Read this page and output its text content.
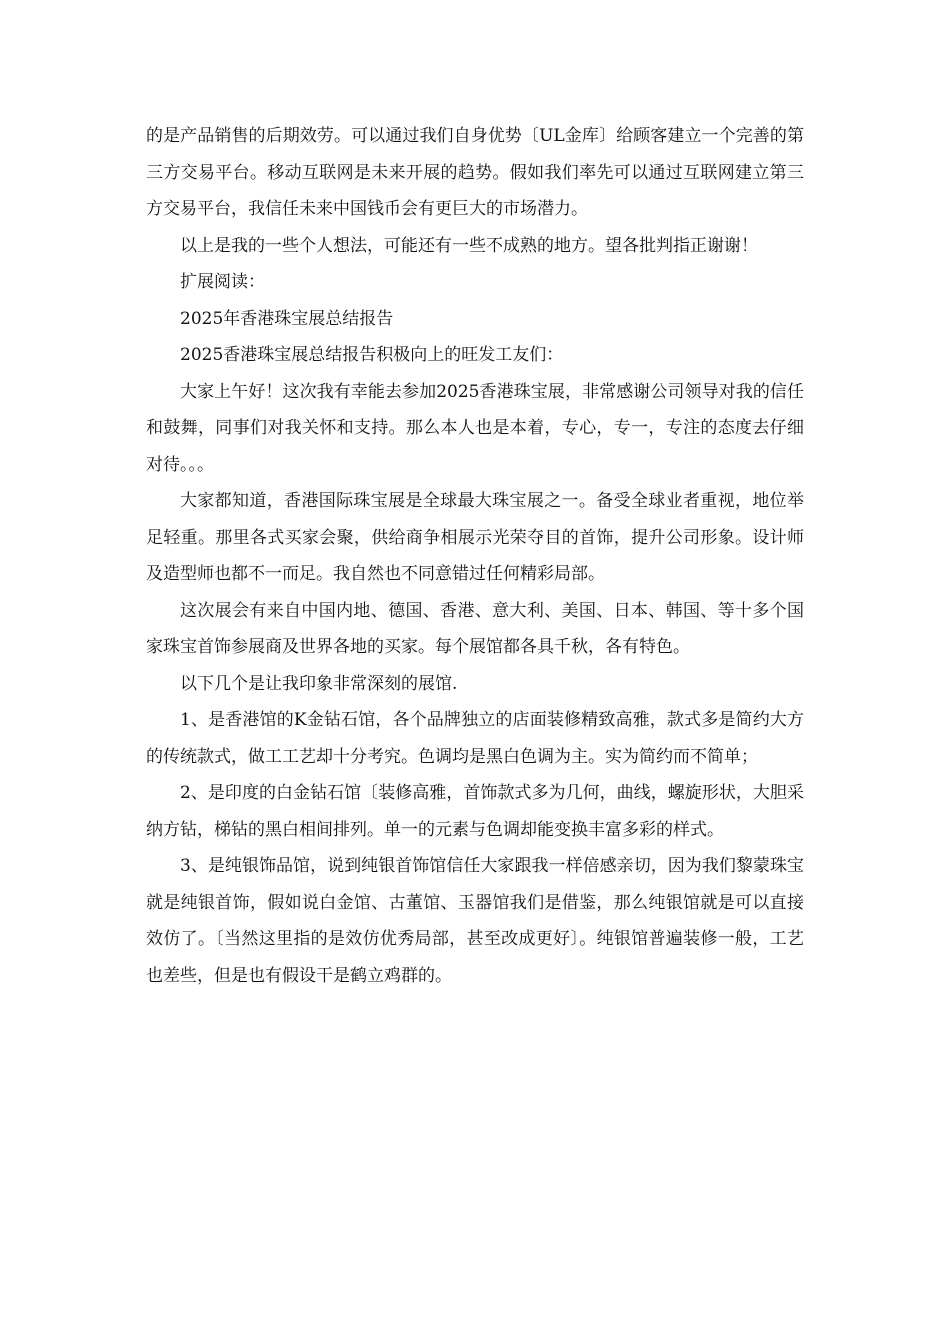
的是产品销售的后期效劳。可以通过我们自身优势〔UL金库〕给顾客建立一个完善的第三方交易平台。移动互联网是未来开展的趋势。假如我们率先可以通过互联网建立第三方交易平台，我信任未来中国钱币会有更巨大的市场潜力。

以上是我的一些个人想法，可能还有一些不成熟的地方。望各批判指正谢谢！

扩展阅读：

2025年香港珠宝展总结报告

2025香港珠宝展总结报告积极向上的旺发工友们：

大家上午好！这次我有幸能去参加2025香港珠宝展，非常感谢公司领导对我的信任和鼓舞，同事们对我关怀和支持。那么本人也是本着，专心，专一，专注的态度去仔细对待。。。

大家都知道，香港国际珠宝展是全球最大珠宝展之一。备受全球业者重视，地位举足轻重。那里各式买家会聚，供给商争相展示光荣夺目的首饰，提升公司形象。设计师及造型师也都不一而足。我自然也不同意错过任何精彩局部。

这次展会有来自中国内地、德国、香港、意大利、美国、日本、韩国、等十多个国家珠宝首饰参展商及世界各地的买家。每个展馆都各具千秋，各有特色。

以下几个是让我印象非常深刻的展馆.

1、是香港馆的K金钻石馆，各个品牌独立的店面装修精致高雅，款式多是简约大方的传统款式，做工工艺却十分考究。色调均是黑白色调为主。实为简约而不简单；

2、是印度的白金钻石馆〔装修高雅，首饰款式多为几何，曲线，螺旋形状，大胆采纳方钻，梯钻的黑白相间排列。单一的元素与色调却能变换丰富多彩的样式。

3、是纯银饰品馆，说到纯银首饰馆信任大家跟我一样倍感亲切，因为我们黎蒙珠宝就是纯银首饰，假如说白金馆、古董馆、玉器馆我们是借鉴，那么纯银馆就是可以直接效仿了。〔当然这里指的是效仿优秀局部，甚至改成更好〕。纯银馆普遍装修一般，工艺也差些，但是也有假设干是鹤立鸡群的。
